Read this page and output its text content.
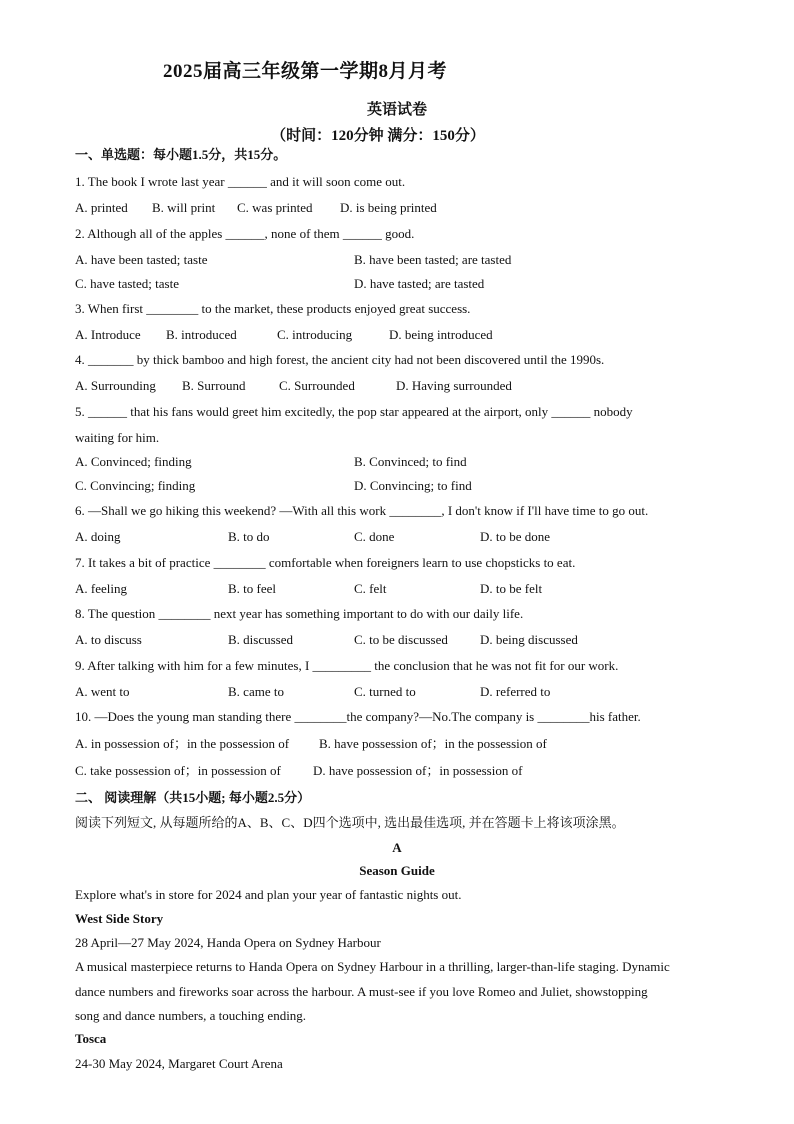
2025届高三年级第一学期8月月考
英语试卷
（时间：120分钟 满分：150分）
一、单选题：每小题1.5分，共15分。
1. The book I wrote last year ______ and it will soon come out.
A. printed B. will print C. was printed D. is being printed
2. Although all of the apples ______, none of them ______ good.
A. have been tasted; taste	B. have been tasted; are tasted
C. have tasted; taste	D. have tasted; are tasted
3. When first ________ to the market, these products enjoyed great success.
A. Introduce B. introduced	C. introducing	D. being introduced
4. _______ by thick bamboo and high forest, the ancient city had not been discovered until the 1990s.
A. Surrounding B. Surround	C. Surrounded	D. Having surrounded
5. ______ that his fans would greet him excitedly, the pop star appeared at the airport, only ______ nobody
waiting for him.
A. Convinced; finding	B. Convinced; to find
C. Convincing; finding	D. Convincing; to find
6. —Shall we go hiking this weekend? —With all this work ________, I don't know if I'll have time to go out.
A. doing	B. to do	C. done	D. to be done
7. It takes a bit of practice ________ comfortable when foreigners learn to use chopsticks to eat.
A. feeling	B. to feel	C. felt	D. to be felt
8. The question ________ next year has something important to do with our daily life.
A. to discuss	B. discussed	C. to be discussed D. being discussed
9. After talking with him for a few minutes, I _________ the conclusion that he was not fit for our work.
A. went to	B. came to	C. turned to	D. referred to
10. —Does the young man standing there ________the company?—No.The company is ________his father.
A. in possession of；in the possession of B. have possession of；in the possession of
C. take possession of；in possession of D. have possession of；in possession of
二、 阅读理解（共15小题; 每小题2.5分）
阅读下列短文, 从每题所给的A、B、C、D四个选项中, 选出最佳选项, 并在答题卡上将该项涂黑。
A
Season Guide
Explore what's in store for 2024 and plan your year of fantastic nights out.
West Side Story
28 April—27 May 2024, Handa Opera on Sydney Harbour
A musical masterpiece returns to Handa Opera on Sydney Harbour in a thrilling, larger-than-life staging. Dynamic
dance numbers and fireworks soar across the harbour. A must-see if you love Romeo and Juliet, showstopping
song and dance numbers, a touching ending.
Tosca
24-30 May 2024, Margaret Court Arena
